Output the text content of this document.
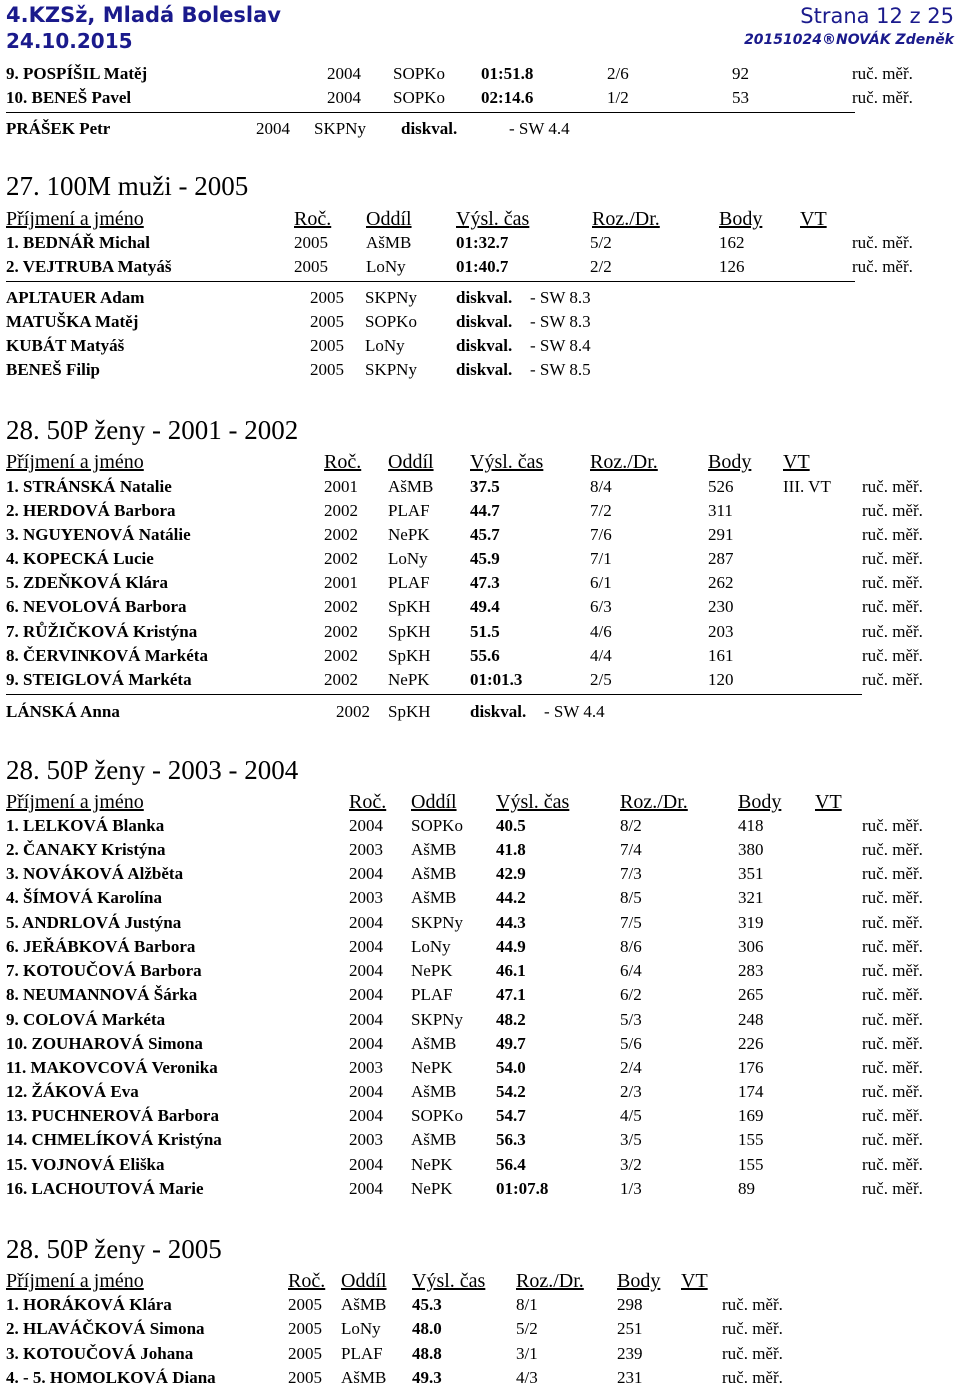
4.KZSž, Mladá Boleslav
24.10.2015
Strana 12 z 25
20151024®NOVÁK Zdeněk
9. POSPÍŠIL Matěj	2004 SOPKo 01:51.8	2/6	92	ruč. měř.
10. BENEŠ Pavel	2004 SOPKo 02:14.6	1/2	53	ruč. měř.
PRÁŠEK Petr	2004 SKPNy diskval.	- SW 4.4
27. 100M muži - 2005
Příjmení a jméno	Roč. Oddíl Výsl. čas	Roz./Dr.	Body VT
1. BEDNÁŘ Michal	2005 AšMB	01:32.7	5/2	162	ruč. měř.
2. VEJTRUBA Matyáš	2005 LoNy	01:40.7	2/2	126	ruč. měř.
APLTAUER Adam	2005 SKPNy diskval. - SW 8.3
MATUŠKA Matěj	2005 SOPKo diskval. - SW 8.3
KUBÁT Matyáš	2005 LoNy	diskval. - SW 8.4
BENEŠ Filip	2005 SKPNy diskval. - SW 8.5
28. 50P ženy - 2001 - 2002
Příjmení a jméno	Roč. Oddíl Výsl. čas Roz./Dr.	Body VT
1. STRÁNSKÁ Natalie	2001 AšMB 37.5	8/4	526	III. VT ruč. měř.
2. HERDOVÁ Barbora	2002 PLAF 44.7	7/2	311	ruč. měř.
3. NGUYENOVÁ Natálie	2002 NePK 45.7	7/6	291	ruč. měř.
4. KOPECKÁ Lucie	2002 LoNy 45.9	7/1	287	ruč. měř.
5. ZDEŇKOVÁ Klára	2001 PLAF 47.3	6/1	262	ruč. měř.
6. NEVOLOVÁ Barbora	2002 SpKH 49.4	6/3	230	ruč. měř.
7. RŮŽIČKOVÁ Kristýna	2002 SpKH 51.5	4/6	203	ruč. měř.
8. ČERVINKOVÁ Markéta	2002 SpKH 55.6	4/4	161	ruč. měř.
9. STEIGLOVÁ Markéta	2002 NePK 01:01.3	2/5	120	ruč. měř.
LÁNSKÁ Anna	2002 SpKH diskval. - SW 4.4
28. 50P ženy - 2003 - 2004
Příjmení a jméno	Roč. Oddíl Výsl. čas	Roz./Dr.	Body VT
1. LELKOVÁ Blanka	2004 SOPKo 40.5	8/2	418	ruč. měř.
2. ČANAKY Kristýna	2003 AšMB 41.8	7/4	380	ruč. měř.
3. NOVÁKOVÁ Alžběta	2004 AšMB 42.9	7/3	351	ruč. měř.
4. ŠÍMOVÁ Karolína	2003 AšMB 44.2	8/5	321	ruč. měř.
5. ANDRLOVÁ Justýna	2004 SKPNy 44.3	7/5	319	ruč. měř.
6. JEŘÁBKOVÁ Barbora	2004 LoNy	44.9	8/6	306	ruč. měř.
7. KOTOUČOVÁ Barbora	2004 NePK	46.1	6/4	283	ruč. měř.
8. NEUMANNOVÁ Šárka	2004 PLAF	47.1	6/2	265	ruč. měř.
9. COLOVÁ Markéta	2004 SKPNy 48.2	5/3	248	ruč. měř.
10. ZOUHAROVÁ Simona	2004 AšMB 49.7	5/6	226	ruč. měř.
11. MAKOVCOVÁ Veronika	2003 NePK	54.0	2/4	176	ruč. měř.
12. ŽÁKOVÁ Eva	2004 AšMB 54.2	2/3	174	ruč. měř.
13. PUCHNEROVÁ Barbora	2004 SOPKo 54.7	4/5	169	ruč. měř.
14. CHMELÍKOVÁ Kristýna	2003 AšMB 56.3	3/5	155	ruč. měř.
15. VOJNOVÁ Eliška	2004 NePK	56.4	3/2	155	ruč. měř.
16. LACHOUTOVÁ Marie	2004 NePK	01:07.8	1/3	89	ruč. měř.
28. 50P ženy - 2005
Příjmení a jméno	Roč. Oddíl Výsl. čas Roz./Dr. Body VT
1. HORÁKOVÁ Klára	2005 AšMB 45.3	8/1	298	ruč. měř.
2. HLAVÁČKOVÁ Simona	2005 LoNy 48.0	5/2	251	ruč. měř.
3. KOTOUČOVÁ Johana	2005 PLAF 48.8	3/1	239	ruč. měř.
4. - 5. HOMOLKOVÁ Diana	2005 AšMB 49.3	4/3	231	ruč. měř.
